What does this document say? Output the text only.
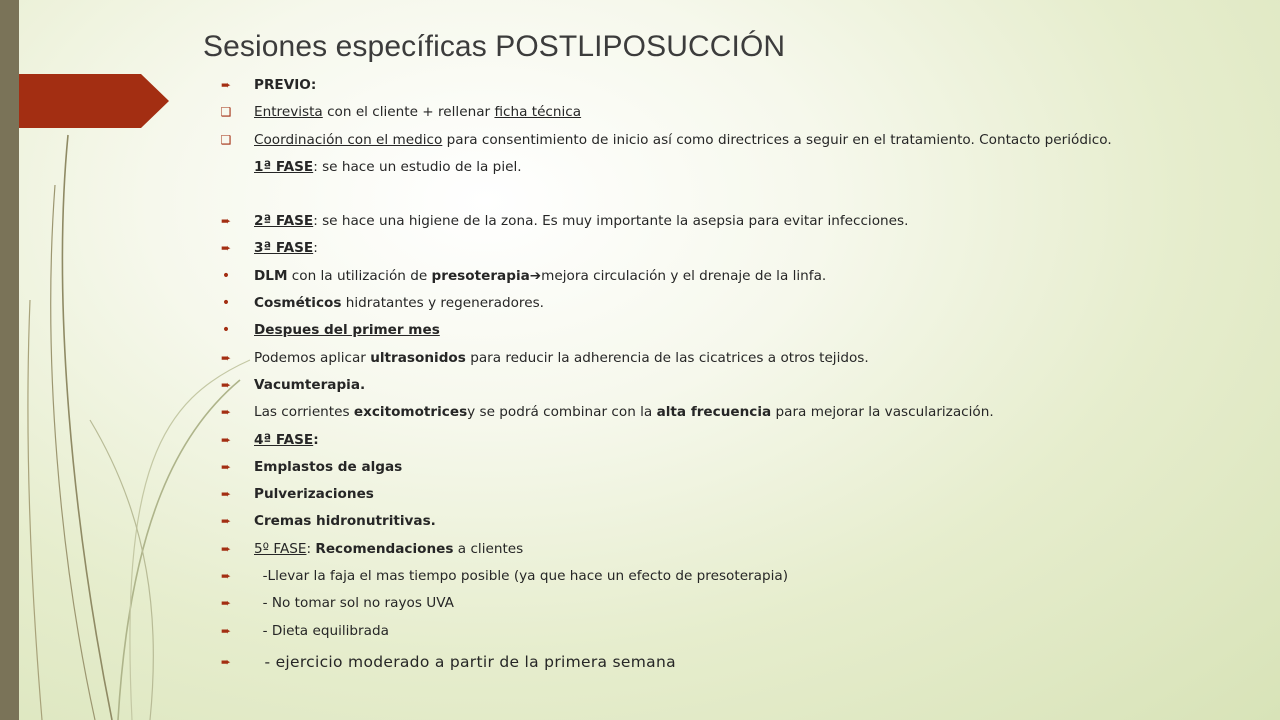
Sesiones específicas POSTLIPOSUCCIÓN
➨ PREVIO:
❑ Entrevista con el cliente + rellenar ficha técnica
❑ Coordinación con el medico para consentimiento de inicio así como directrices a seguir en el tratamiento. Contacto periódico.
1ª FASE: se hace un estudio de la piel.
➨ 2ª FASE: se hace una higiene de la zona. Es muy importante la asepsia para evitar infecciones.
➨ 3ª FASE:
• DLM con la utilización de presoterapia➔mejora circulación y el drenaje de la linfa.
• Cosméticos hidratantes y regeneradores.
• Despues del primer mes
➨ Podemos aplicar ultrasonidos para reducir la adherencia de las cicatrices a otros tejidos.
➨ Vacumterapia.
➨ Las corrientes excitomotricesy se podrá combinar con la alta frecuencia para mejorar la vascularización.
➨ 4ª FASE:
➨ Emplastos de algas
➨ Pulverizaciones
➨ Cremas hidronutritivas.
➨ 5º FASE: Recomendaciones a clientes
➨ -Llevar la faja el mas tiempo posible (ya que hace un efecto de presoterapia)
➨ - No tomar sol no rayos UVA
➨ - Dieta equilibrada
➨ - ejercicio moderado a partir de la primera semana
